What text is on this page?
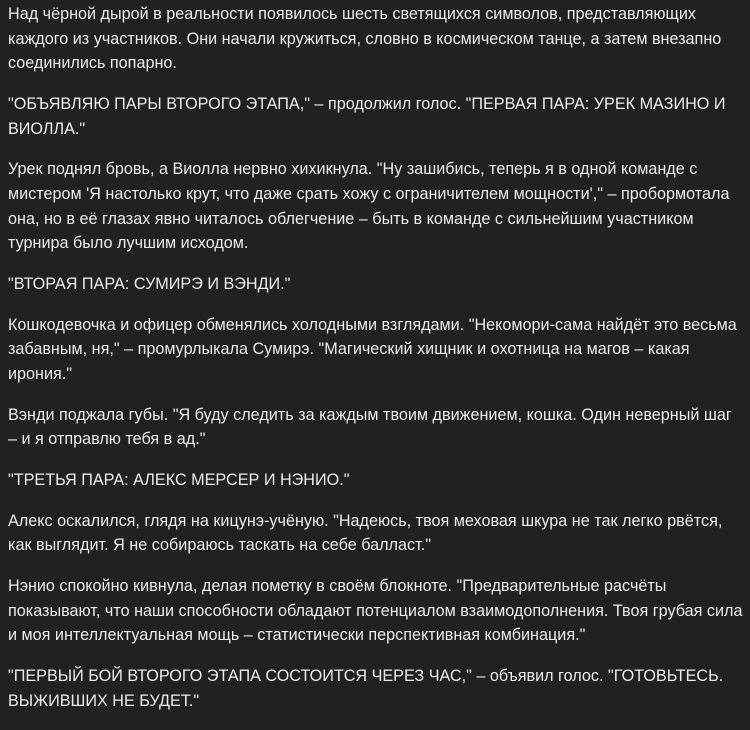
Над чёрной дырой в реальности появилось шесть светящихся символов, представляющих каждого из участников. Они начали кружиться, словно в космическом танце, а затем внезапно соединились попарно.

"ОБЪЯВЛЯЮ ПАРЫ ВТОРОГО ЭТАПА," – продолжил голос. "ПЕРВАЯ ПАРА: УРЕК МАЗИНО И ВИОЛЛА."

Урек поднял бровь, а Виолла нервно хихикнула. "Ну зашибись, теперь я в одной команде с мистером 'Я настолько крут, что даже срать хожу с ограничителем мощности'," – пробормотала она, но в её глазах явно читалось облегчение – быть в команде с сильнейшим участником турнира было лучшим исходом.

"ВТОРАЯ ПАРА: СУМИРЭ И ВЭНДИ."

Кошкодевочка и офицер обменялись холодными взглядами. "Некомори-сама найдёт это весьма забавным, ня," – промурлыкала Сумирэ. "Магический хищник и охотница на магов – какая ирония."

Вэнди поджала губы. "Я буду следить за каждым твоим движением, кошка. Один неверный шаг – и я отправлю тебя в ад."

"ТРЕТЬЯ ПАРА: АЛЕКС МЕРСЕР И НЭНИО."

Алекс оскалился, глядя на кицунэ-учёную. "Надеюсь, твоя меховая шкура не так легко рвётся, как выглядит. Я не собираюсь таскать на себе балласт."

Нэнио спокойно кивнула, делая пометку в своём блокноте. "Предварительные расчёты показывают, что наши способности обладают потенциалом взаимодополнения. Твоя грубая сила и моя интеллектуальная мощь – статистически перспективная комбинация."

"ПЕРВЫЙ БОЙ ВТОРОГО ЭТАПА СОСТОИТСЯ ЧЕРЕЗ ЧАС," – объявил голос. "ГОТОВЬТЕСЬ. ВЫЖИВШИХ НЕ БУДЕТ."
